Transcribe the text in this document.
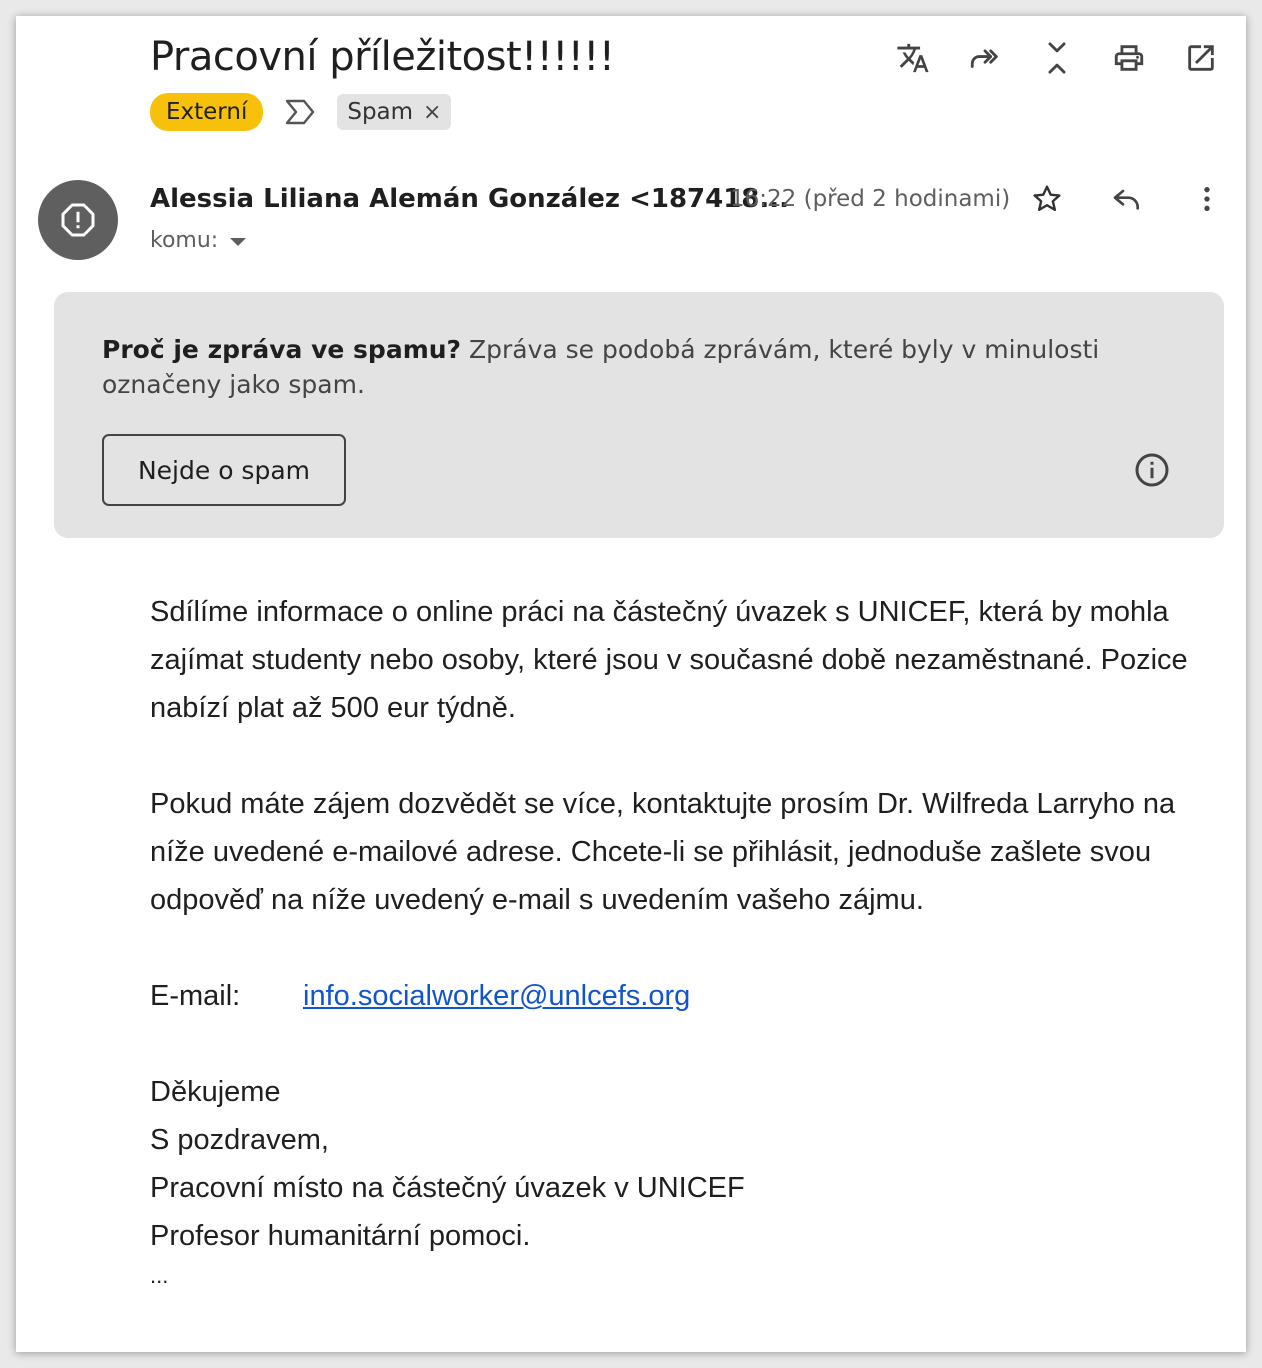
Pracovní příležitost!!!!!!
Externí	Spam ×
Alessia Liliana Alemán González <187418...
16:22 (před 2 hodinami)
komu:
Proč je zpráva ve spamu? Zpráva se podobá zprávám, které byly v minulosti označeny jako spam.
Nejde o spam

Sdílíme informace o online práci na částečný úvazek s UNICEF, která by mohla zajímat studenty nebo osoby, které jsou v současné době nezaměstnané. Pozice nabízí plat až 500 eur týdně.

Pokud máte zájem dozvědět se více, kontaktujte prosím Dr. Wilfreda Larryho na níže uvedené e-mailové adrese. Chcete-li se přihlásit, jednoduše zašlete svou odpověď na níže uvedený e-mail s uvedením vašeho zájmu.

E-mail:	info.socialworker@unlcefs.org
Děkujeme
S pozdravem,
Pracovní místo na částečný úvazek v UNICEF
Profesor humanitární pomoci.
...
